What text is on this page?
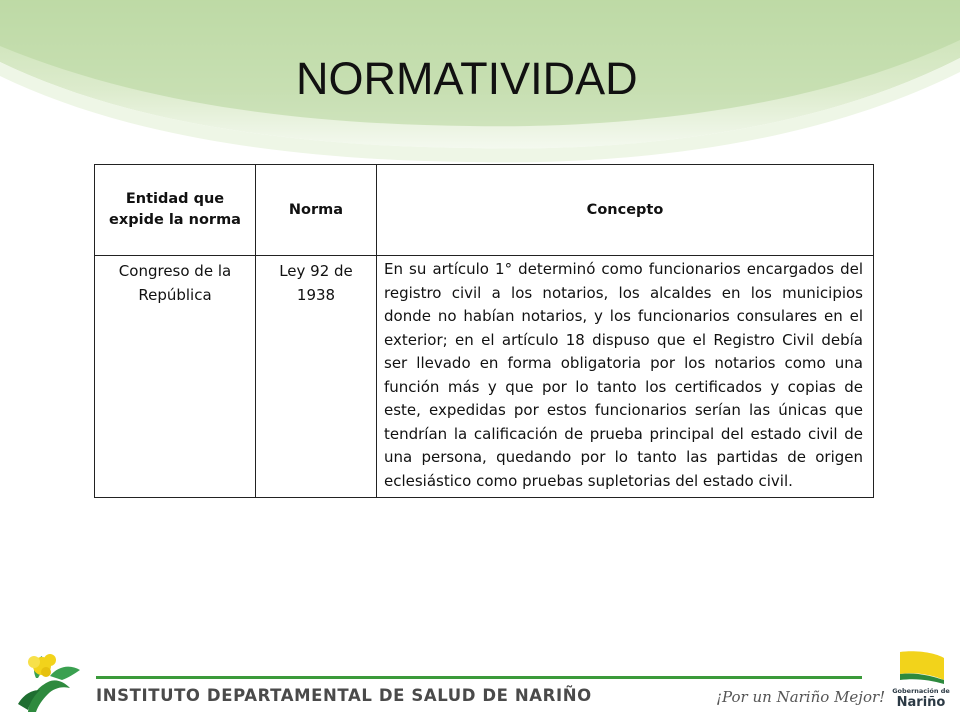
NORMATIVIDAD
Entidad que expide la norma	Norma	Concepto
Congreso de la República	Ley 92 de 1938	En su artículo 1° determinó como funcionarios encargados del registro civil a los notarios, los alcaldes en los municipios donde no habían notarios, y los funcionarios consulares en el exterior; en el artículo 18 dispuso que el Registro Civil debía ser llevado en forma obligatoria por los notarios como una función más y que por lo tanto los certificados y copias de este, expedidas por estos funcionarios serían las únicas que tendrían la calificación de prueba principal del estado civil de una persona, quedando por lo tanto las partidas de origen eclesiástico como pruebas supletorias del estado civil.
INSTITUTO DEPARTAMENTAL DE SALUD DE NARIÑO	¡Por un Nariño Mejor!	Gobernación de
Nariño
